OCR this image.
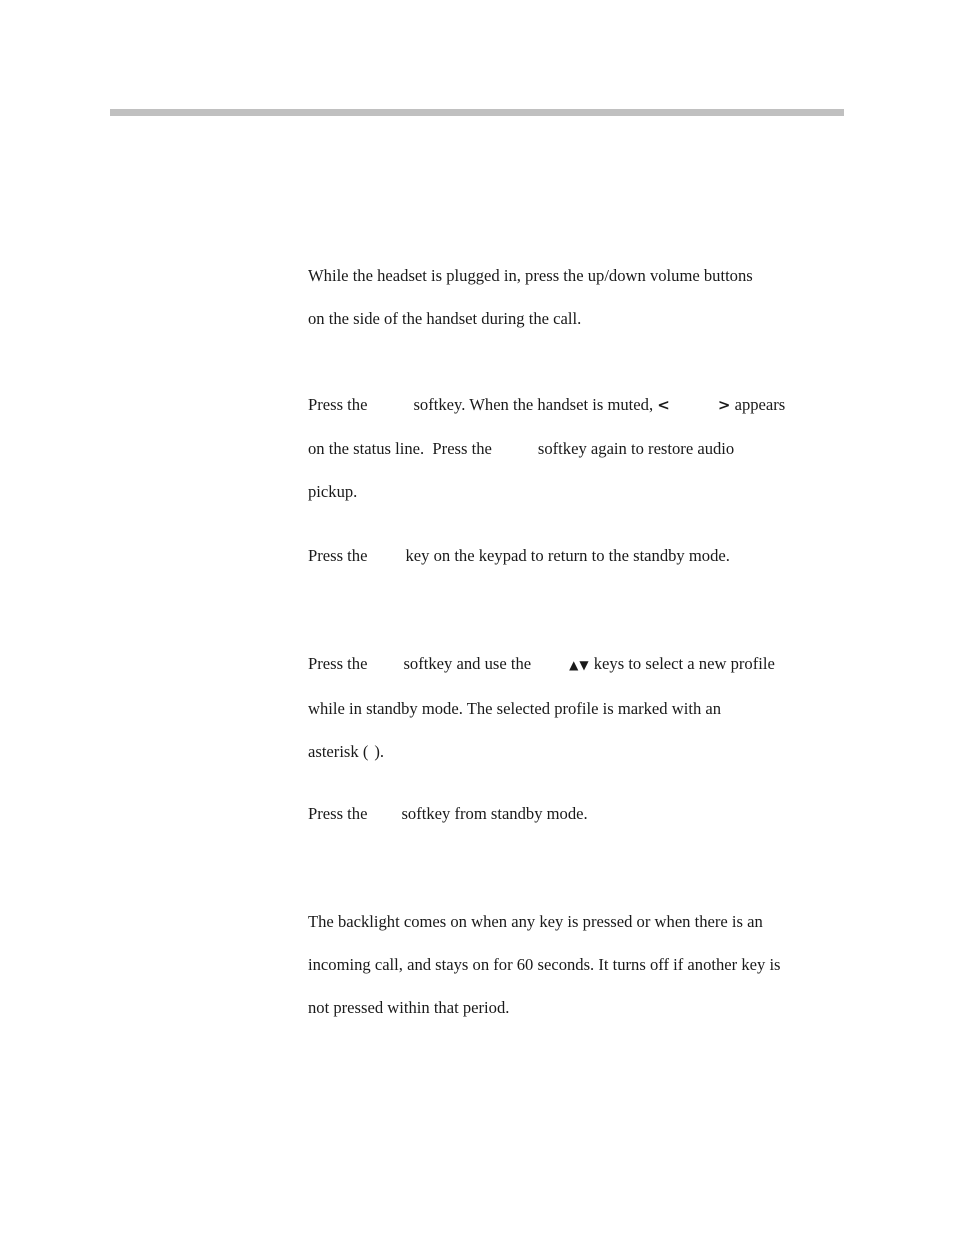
While the headset is plugged in, press the up/down volume buttons

on the side of the handset during the call.

Press the	softkey. When the handset is muted, <	> appears

on the status line.  Press the	softkey again to restore audio

pickup.

Press the key on the keypad to return to the standby mode.

Press the softkey and use the	▲▼ keys to select a new profile

while in standby mode. The selected profile is marked with an

asterisk ( ).

Press the softkey from standby mode.

The backlight comes on when any key is pressed or when there is an

incoming call, and stays on for 60 seconds. It turns off if another key is

not pressed within that period.
